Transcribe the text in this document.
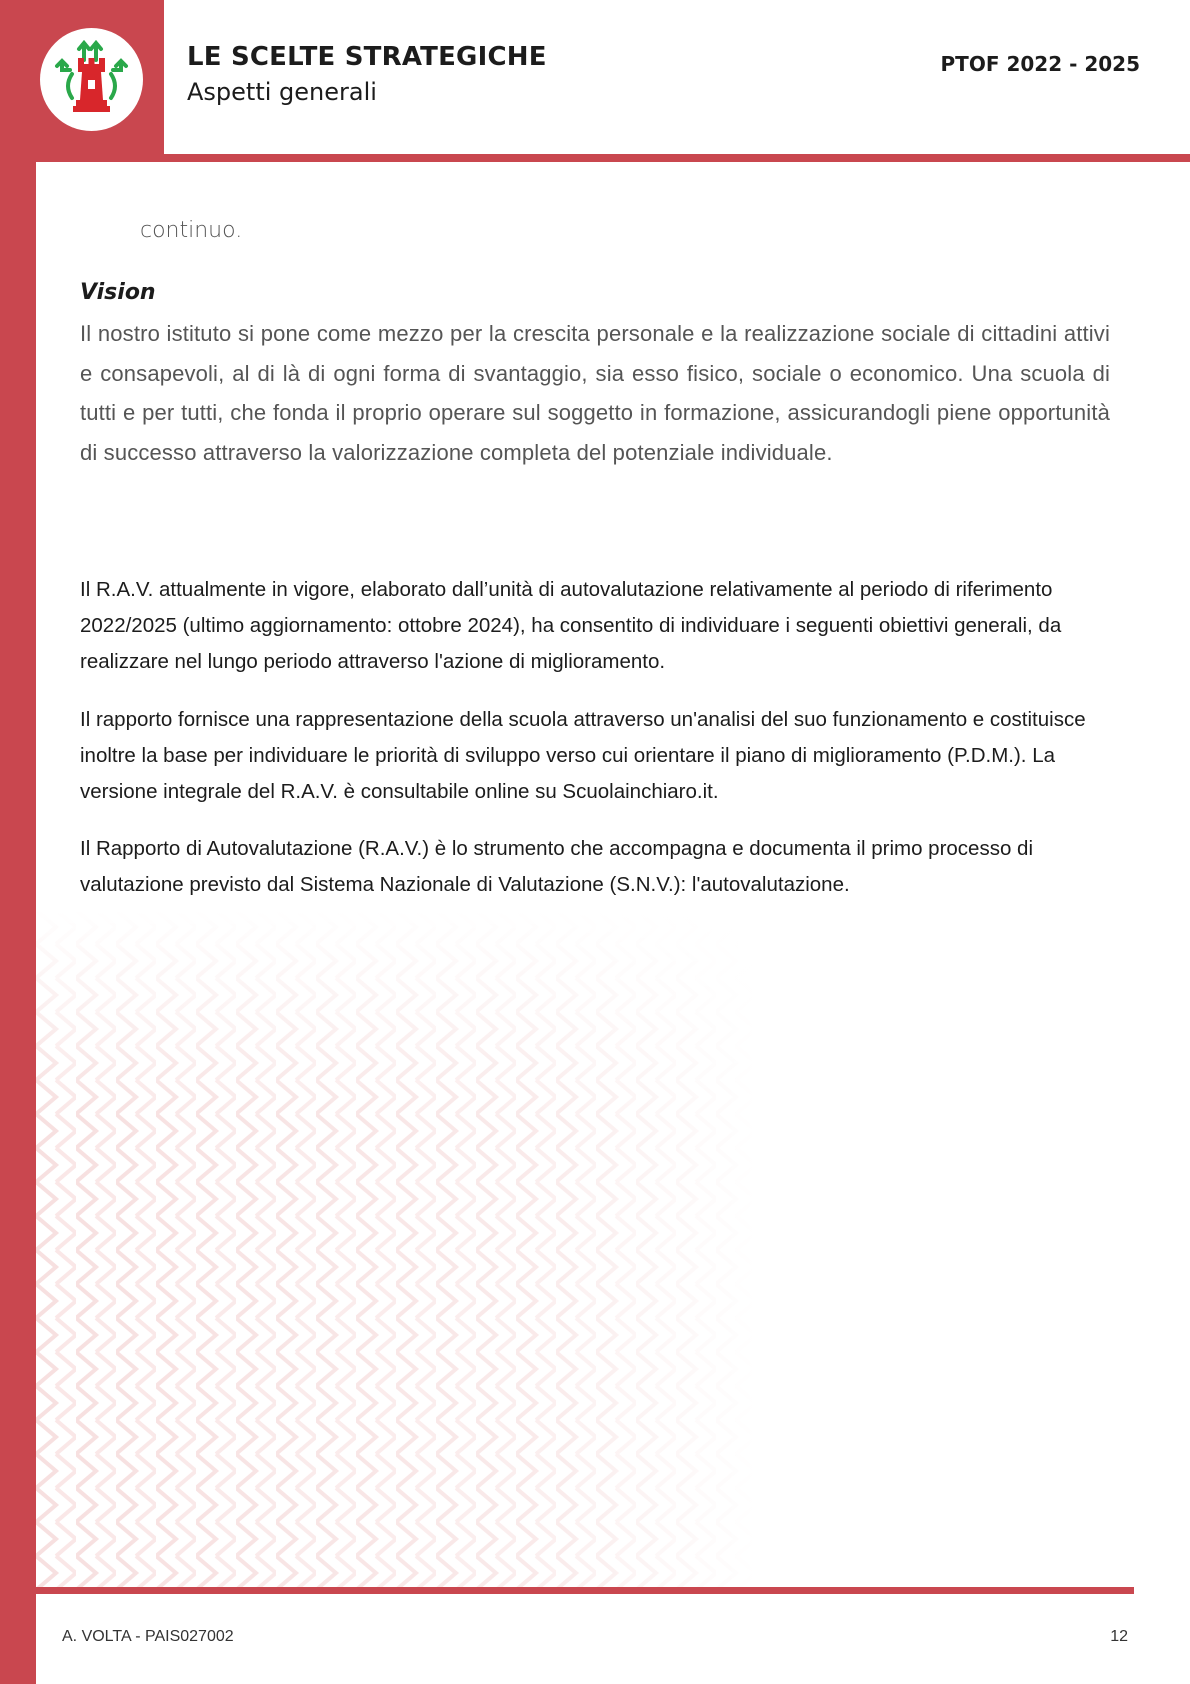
LE SCELTE STRATEGICHE
Aspetti generali
PTOF 2022 - 2025
continuo.
Vision
Il nostro istituto si pone come mezzo per la crescita personale e la realizzazione sociale di cittadini attivi e consapevoli, al di là di ogni forma di svantaggio, sia esso fisico, sociale o economico. Una scuola di tutti e per tutti, che fonda il proprio operare sul soggetto in formazione, assicurandogli piene opportunità di successo attraverso la valorizzazione completa del potenziale individuale.
Il R.A.V. attualmente in vigore, elaborato dall’unità di autovalutazione relativamente al periodo di riferimento 2022/2025 (ultimo aggiornamento: ottobre 2024), ha consentito di individuare i seguenti obiettivi generali, da realizzare nel lungo periodo attraverso l'azione di miglioramento.
Il rapporto fornisce una rappresentazione della scuola attraverso un'analisi del suo funzionamento e costituisce inoltre la base per individuare le priorità di sviluppo verso cui orientare il piano di miglioramento (P.D.M.). La versione integrale del R.A.V. è consultabile online su Scuolainchiaro.it.
Il Rapporto di Autovalutazione (R.A.V.) è lo strumento che accompagna e documenta il primo processo di valutazione previsto dal Sistema Nazionale di Valutazione (S.N.V.): l'autovalutazione.
A. VOLTA - PAIS027002	12
